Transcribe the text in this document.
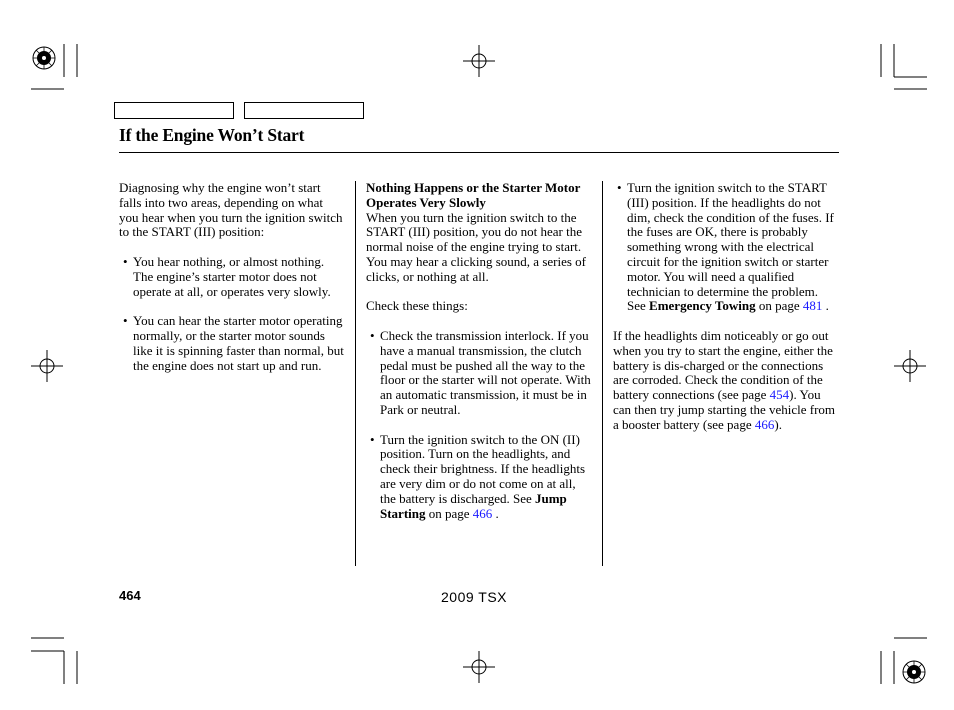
If the Engine Won’t Start

Diagnosing why the engine won’t start falls into two areas, depending on what you hear when you turn the ignition switch to the START (III) position:

• You hear nothing, or almost nothing. The engine’s starter motor does not operate at all, or operates very slowly.
• You can hear the starter motor operating normally, or the starter motor sounds like it is spinning faster than normal, but the engine does not start up and run.
Nothing Happens or the Starter Motor Operates Very Slowly

When you turn the ignition switch to the START (III) position, you do not hear the normal noise of the engine trying to start. You may hear a clicking sound, a series of clicks, or nothing at all.

Check these things:

• Check the transmission interlock. If you have a manual transmission, the clutch pedal must be pushed all the way to the floor or the starter will not operate. With an automatic transmission, it must be in Park or neutral.
• Turn the ignition switch to the ON (II) position. Turn on the headlights, and check their brightness. If the headlights are very dim or do not come on at all, the battery is discharged. See Jump Starting on page 466 .
• Turn the ignition switch to the START (III) position. If the headlights do not dim, check the condition of the fuses. If the fuses are OK, there is probably something wrong with the electrical circuit for the ignition switch or starter motor. You will need a qualified technician to determine the problem. See Emergency Towing on page 481 .

If the headlights dim noticeably or go out when you try to start the engine, either the battery is dis-charged or the connections are corroded. Check the condition of the battery connections (see page 454). You can then try jump starting the vehicle from a booster battery (see page 466).

464	2009 TSX
